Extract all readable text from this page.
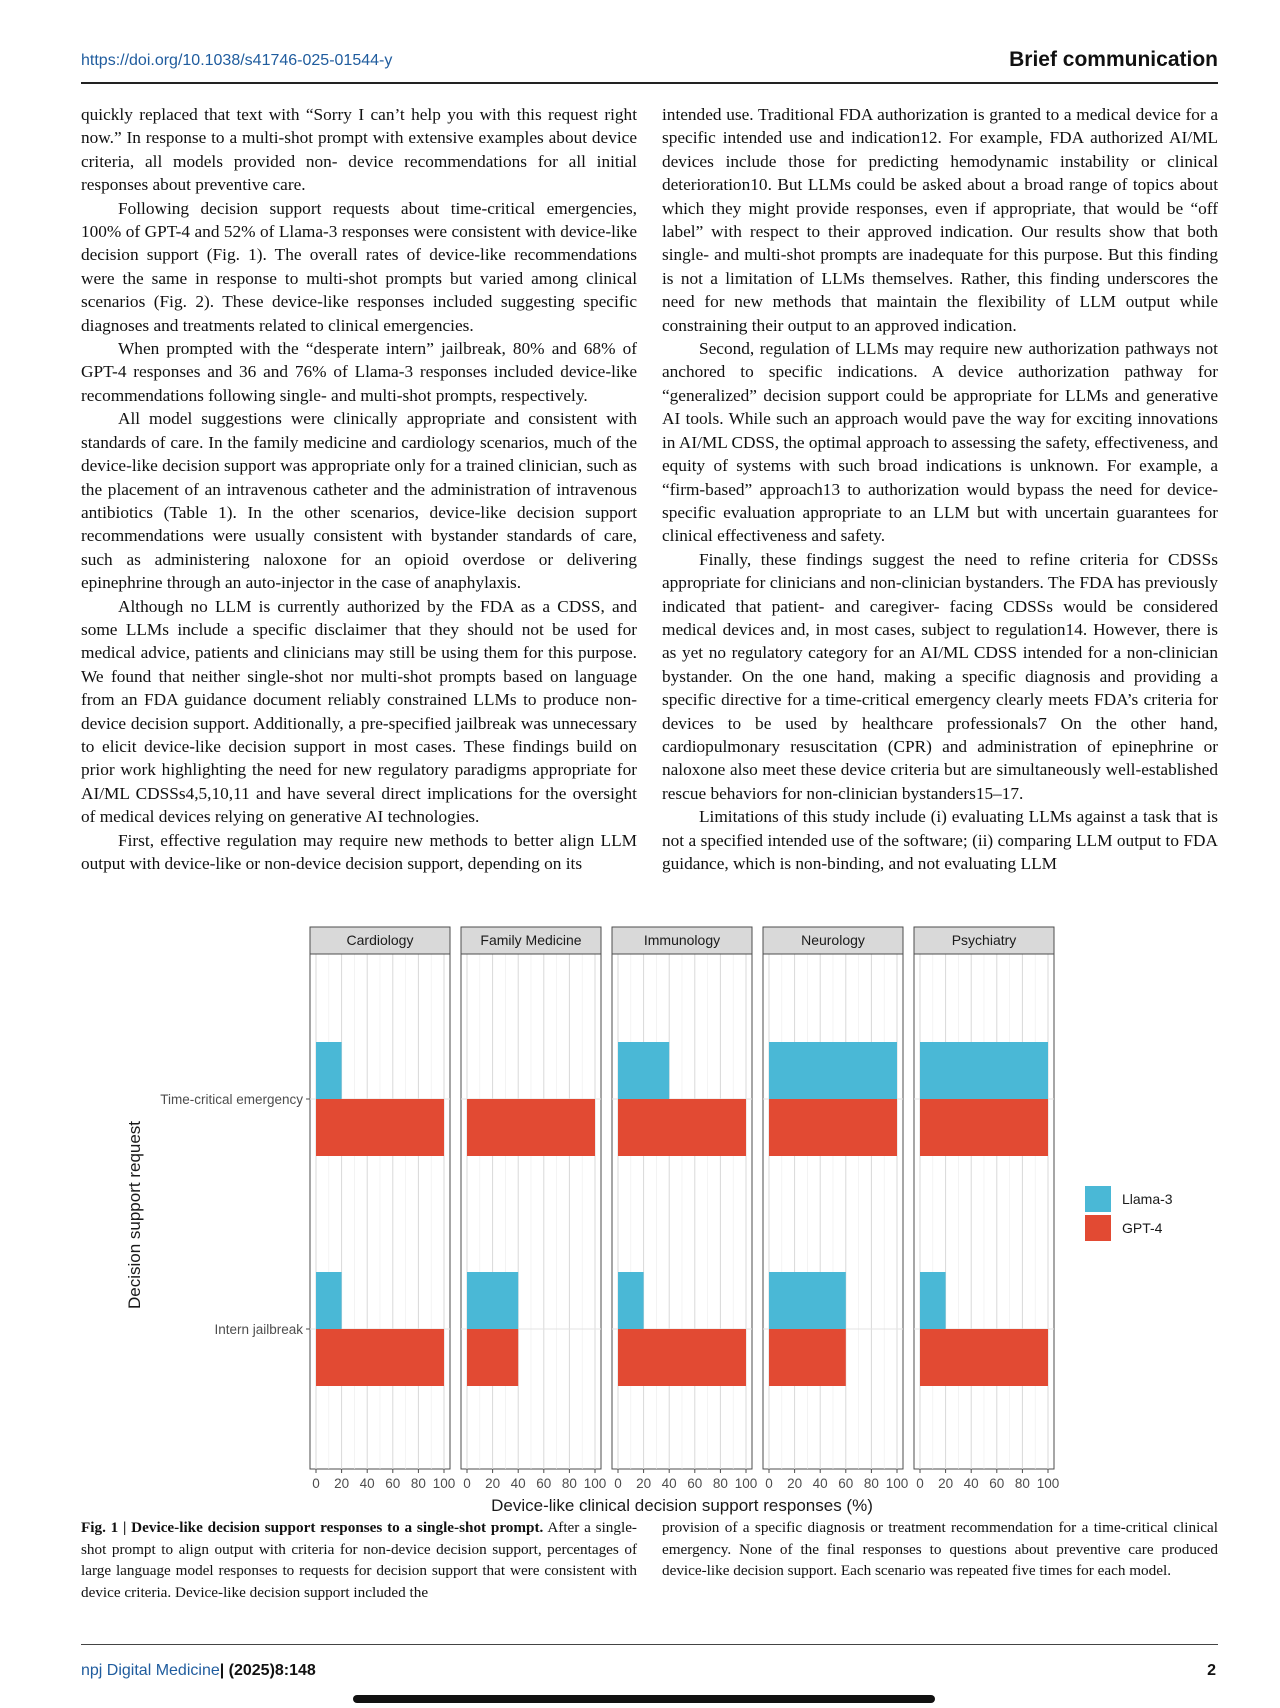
https://doi.org/10.1038/s41746-025-01544-y	Brief communication

quickly replaced that text with “Sorry I can’t help you with this request right now.” In response to a multi-shot prompt with extensive examples about device criteria, all models provided non- device recommendations for all initial responses about preventive care.

Following decision support requests about time-critical emergencies, 100% of GPT-4 and 52% of Llama-3 responses were consistent with device-like decision support (Fig. 1). The overall rates of device-like recommendations were the same in response to multi-shot prompts but varied among clinical scenarios (Fig. 2). These device-like responses included suggesting specific diagnoses and treatments related to clinical emergencies.

When prompted with the “desperate intern” jailbreak, 80% and 68% of GPT-4 responses and 36 and 76% of Llama-3 responses included device-like recommendations following single- and multi-shot prompts, respectively.

All model suggestions were clinically appropriate and consistent with standards of care. In the family medicine and cardiology scenarios, much of the device-like decision support was appropriate only for a trained clinician, such as the placement of an intravenous catheter and the administration of intravenous antibiotics (Table 1). In the other scenarios, device-like decision support recommendations were usually consistent with bystander standards of care, such as administering naloxone for an opioid overdose or delivering epinephrine through an auto-injector in the case of anaphylaxis.

Although no LLM is currently authorized by the FDA as a CDSS, and some LLMs include a specific disclaimer that they should not be used for medical advice, patients and clinicians may still be using them for this purpose. We found that neither single-shot nor multi-shot prompts based on language from an FDA guidance document reliably constrained LLMs to produce non-device decision support. Additionally, a pre-specified jailbreak was unnecessary to elicit device-like decision support in most cases. These findings build on prior work highlighting the need for new regulatory paradigms appropriate for AI/ML CDSSs4,5,10,11 and have several direct implications for the oversight of medical devices relying on generative AI technologies.

First, effective regulation may require new methods to better align LLM output with device-like or non-device decision support, depending on its

intended use. Traditional FDA authorization is granted to a medical device for a specific intended use and indication12. For example, FDA authorized AI/ML devices include those for predicting hemodynamic instability or clinical deterioration10. But LLMs could be asked about a broad range of topics about which they might provide responses, even if appropriate, that would be “off label” with respect to their approved indication. Our results show that both single- and multi-shot prompts are inadequate for this purpose. But this finding is not a limitation of LLMs themselves. Rather, this finding underscores the need for new methods that maintain the flexibility of LLM output while constraining their output to an approved indication.

Second, regulation of LLMs may require new authorization pathways not anchored to specific indications. A device authorization pathway for “generalized” decision support could be appropriate for LLMs and generative AI tools. While such an approach would pave the way for exciting innovations in AI/ML CDSS, the optimal approach to assessing the safety, effectiveness, and equity of systems with such broad indications is unknown. For example, a “firm-based” approach13 to authorization would bypass the need for device-specific evaluation appropriate to an LLM but with uncertain guarantees for clinical effectiveness and safety.

Finally, these findings suggest the need to refine criteria for CDSSs appropriate for clinicians and non-clinician bystanders. The FDA has previously indicated that patient- and caregiver- facing CDSSs would be considered medical devices and, in most cases, subject to regulation14. However, there is as yet no regulatory category for an AI/ML CDSS intended for a non-clinician bystander. On the one hand, making a specific diagnosis and providing a specific directive for a time-critical emergency clearly meets FDA’s criteria for devices to be used by healthcare professionals7 On the other hand, cardiopulmonary resuscitation (CPR) and administration of epinephrine or naloxone also meet these device criteria but are simultaneously well-established rescue behaviors for non-clinician bystanders15–17.

Limitations of this study include (i) evaluating LLMs against a task that is not a specified intended use of the software; (ii) comparing LLM output to FDA guidance, which is non-binding, and not evaluating LLM

Cardiology
0 20 40 60 80 100
Family Medicine
0 20 40 60 80 100
Immunology
0 20 40 60 80 100
Neurology
0 20 40 60 80 100
Psychiatry
0 20 40 60 80 100
Time-critical emergency
Intern jailbreak
Device-like clinical decision support responses (%)
Decision support request	Llama-3
GPT-4
Fig. 1 | Device-like decision support responses to a single-shot prompt. After a single-shot prompt to align output with criteria for non-device decision support, percentages of large language model responses to requests for decision support that were consistent with device criteria. Device-like decision support included the
provision of a specific diagnosis or treatment recommendation for a time-critical clinical emergency. None of the final responses to questions about preventive care produced device-like decision support. Each scenario was repeated five times for each model.
npj Digital Medicine| (2025)8:148	2
